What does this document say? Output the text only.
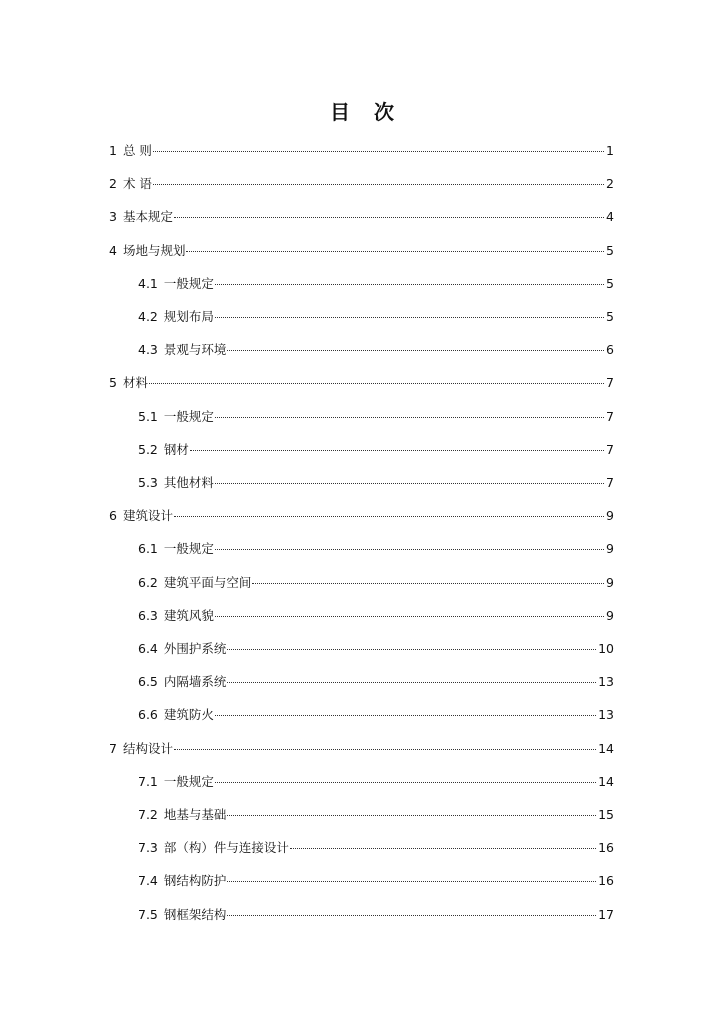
目 次
1 总 则	1
2 术 语	2
3 基本规定	4
4 场地与规划	5
4.1 一般规定	5
4.2 规划布局	5
4.3 景观与环境	6
5 材料	7
5.1 一般规定	7
5.2 钢材	7
5.3 其他材料	7
6 建筑设计	9
6.1 一般规定	9
6.2 建筑平面与空间	9
6.3 建筑风貌	9
6.4 外围护系统	10
6.5 内隔墙系统	13
6.6 建筑防火	13
7 结构设计	14
7.1 一般规定	14
7.2 地基与基础	15
7.3 部（构）件与连接设计	16
7.4 钢结构防护	16
7.5 钢框架结构	17
